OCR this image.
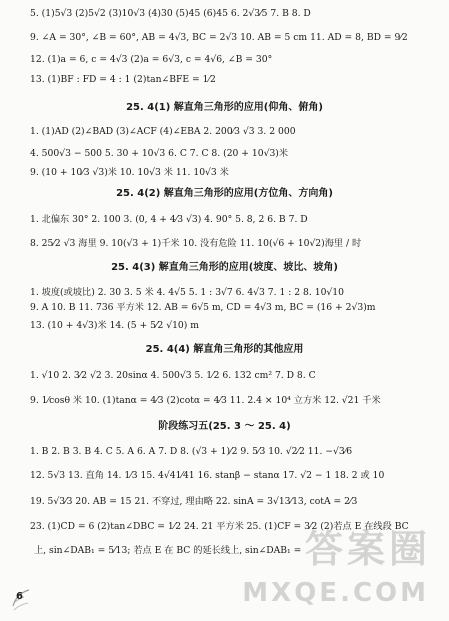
5. (1)5√3 (2)5√2 (3)10√3 (4)30 (5)45 (6)45 6. 2√3⁄5 7. B 8. D
9. ∠A = 30°, ∠B = 60°, AB = 4√3, BC = 2√3 10. AB = 5 cm 11. AD = 8, BD = 9⁄2
12. (1)a = 6, c = 4√3 (2)a = 6√3, c = 4√6, ∠B = 30°
13. (1)BF : FD = 4 : 1 (2)tan∠BFE = 1⁄2
25. 4(1) 解直角三角形的应用(仰角、俯角)
1. (1)AD (2)∠BAD (3)∠ACF (4)∠EBA 2. 200⁄3 √3 3. 2 000
4. 500√3 − 500 5. 30 + 10√3 6. C 7. C 8. (20 + 10√3)米
9. (10 + 10⁄3 √3)米 10. 10√3 米 11. 10√3 米
25. 4(2) 解直角三角形的应用(方位角、方向角)
1. 北偏东 30° 2. 100 3. (0, 4 + 4⁄3 √3) 4. 90° 5. 8, 2 6. B 7. D
8. 25⁄2 √3 海里 9. 10(√3 + 1)千米 10. 没有危险 11. 10(√6 + 10√2)海里 / 时
25. 4(3) 解直角三角形的应用(坡度、坡比、坡角)
1. 坡度(或坡比) 2. 30 3. 5 米 4. 4√5 5. 1 : 3√7 6. 4√3 7. 1 : 2 8. 10√10
9. A 10. B 11. 736 平方米 12. AB = 6√5 m, CD = 4√3 m, BC = (16 + 2√3)m
13. (10 + 4√3)米 14. (5 + 5⁄2 √10) m
25. 4(4) 解直角三角形的其他应用
1. √10 2. 3⁄2 √2 3. 20sinα 4. 500√3 5. 1⁄2 6. 132 cm² 7. D 8. C
9. 1⁄cosθ 米 10. (1)tanα = 4⁄3 (2)cotα = 4⁄3 11. 2.4 × 10⁴ 立方米 12. √21 千米
阶段练习五(25. 3 ～ 25. 4)
1. B 2. B 3. B 4. C 5. A 6. A 7. D 8. (√3 + 1)⁄2 9. 5⁄3 10. √2⁄2 11. −√3⁄6
12. 5√3 13. 直角 14. 1⁄3 15. 4√41⁄41 16. stanβ − stanα 17. √2 − 1 18. 2 或 10
19. 5√3⁄3 20. AB = 15 21. 不穿过, 理由略 22. sinA = 3√13⁄13, cotA = 2⁄3
23. (1)CD = 6 (2)tan∠DBC = 1⁄2 24. 21 平方米 25. (1)CF = 3⁄2 (2)若点 E 在线段 BC
上, sin∠DAB₁ = 5⁄13; 若点 E 在 BC 的延长线上, sin∠DAB₁ =
6
答案圈
MXQE.COM
